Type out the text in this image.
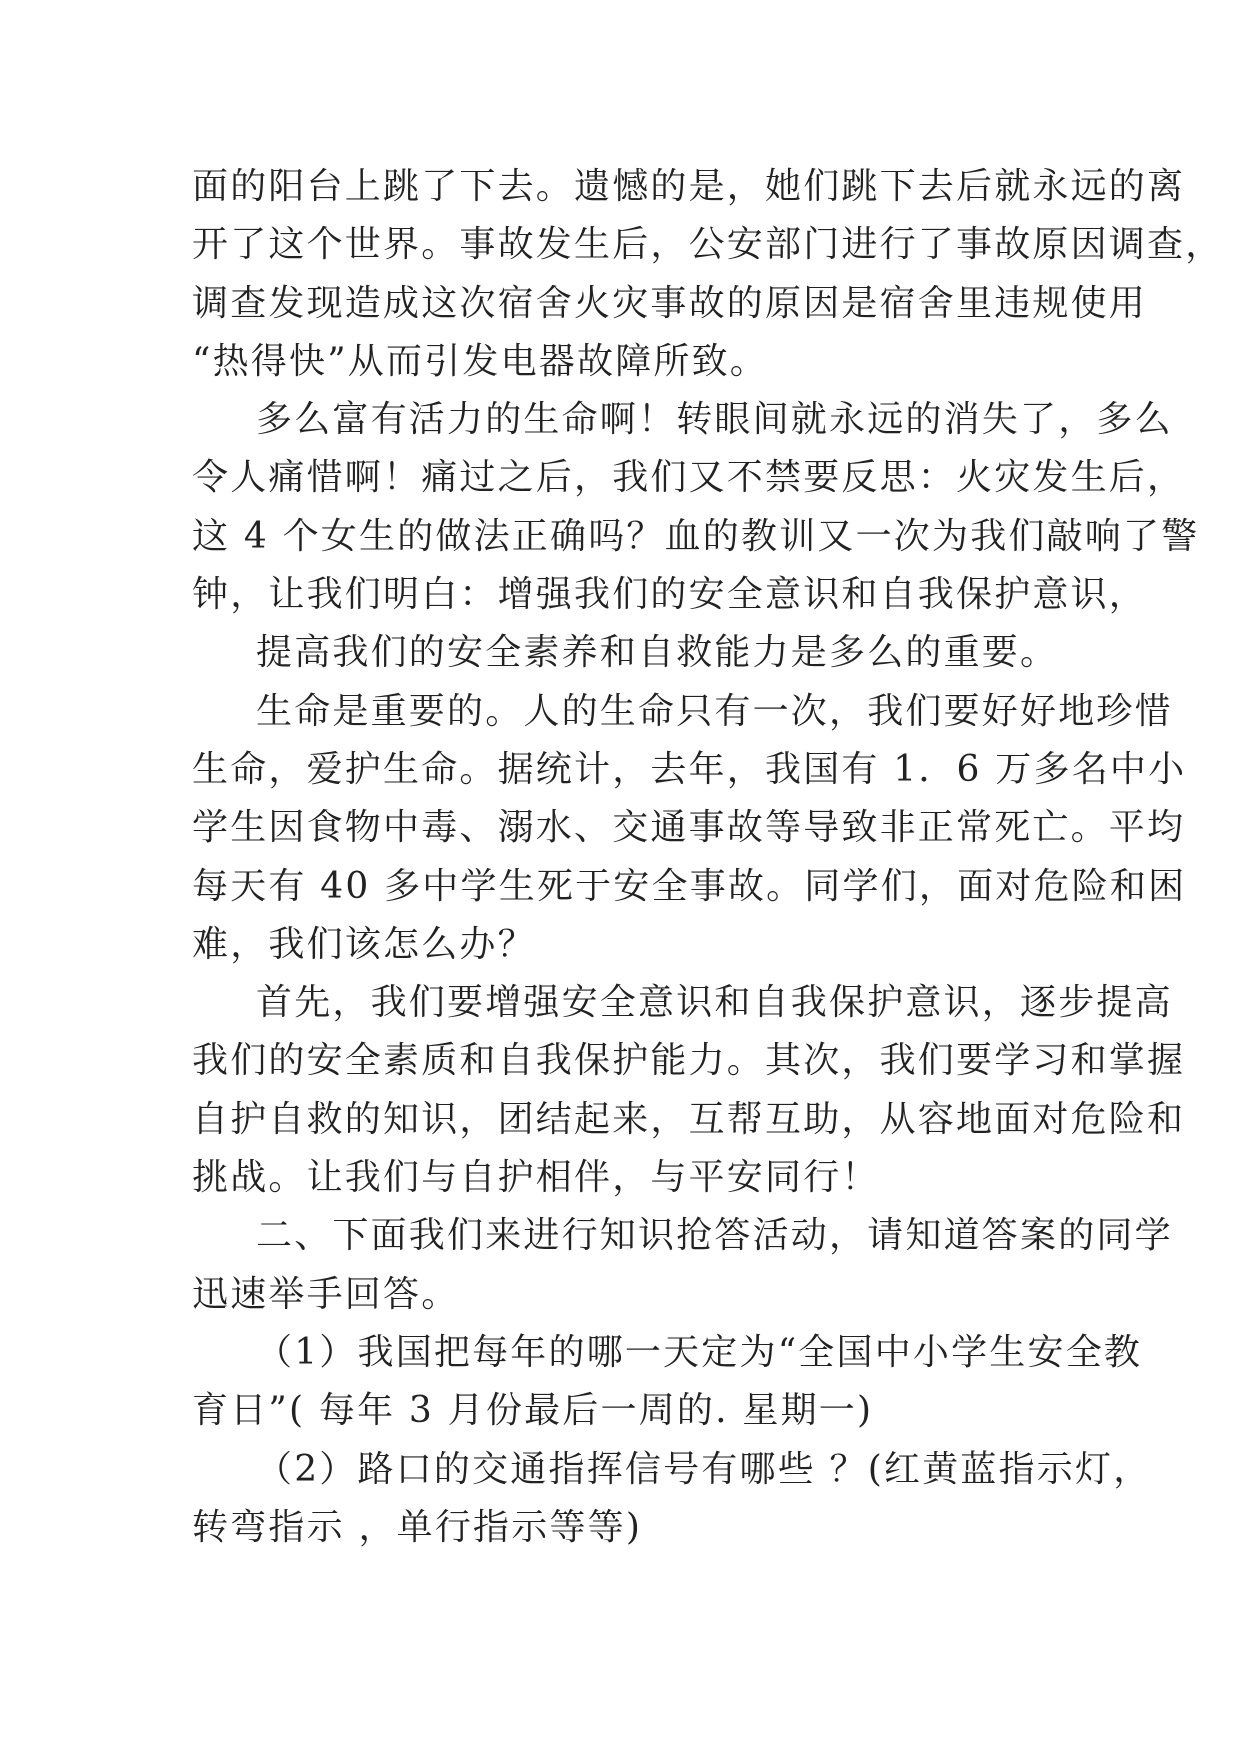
面的阳台上跳了下去。遗憾的是，她们跳下去后就永远的离
开了这个世界。事故发生后，公安部门进行了事故原因调查，
调查发现造成这次宿舍火灾事故的原因是宿舍里违规使用
“热得快”从而引发电器故障所致。

多么富有活力的生命啊！转眼间就永远的消失了，多么
令人痛惜啊！痛过之后，我们又不禁要反思：火灾发生后，
这 4 个女生的做法正确吗？血的教训又一次为我们敲响了警
钟，让我们明白：增强我们的安全意识和自我保护意识，

提高我们的安全素养和自救能力是多么的重要。

生命是重要的。人的生命只有一次，我们要好好地珍惜
生命，爱护生命。据统计，去年，我国有 1．6 万多名中小
学生因食物中毒、溺水、交通事故等导致非正常死亡。平均
每天有 40 多中学生死于安全事故。同学们，面对危险和困
难，我们该怎么办？

首先，我们要增强安全意识和自我保护意识，逐步提高
我们的安全素质和自我保护能力。其次，我们要学习和掌握
自护自救的知识，团结起来，互帮互助，从容地面对危险和
挑战。让我们与自护相伴，与平安同行！

二、下面我们来进行知识抢答活动，请知道答案的同学
迅速举手回答。

（1）我国把每年的哪一天定为“全国中小学生安全教
育日”( 每年 3 月份最后一周的. 星期一)

（2）路口的交通指挥信号有哪些 ？(红黄蓝指示灯，
转弯指示 ，单行指示等等)
